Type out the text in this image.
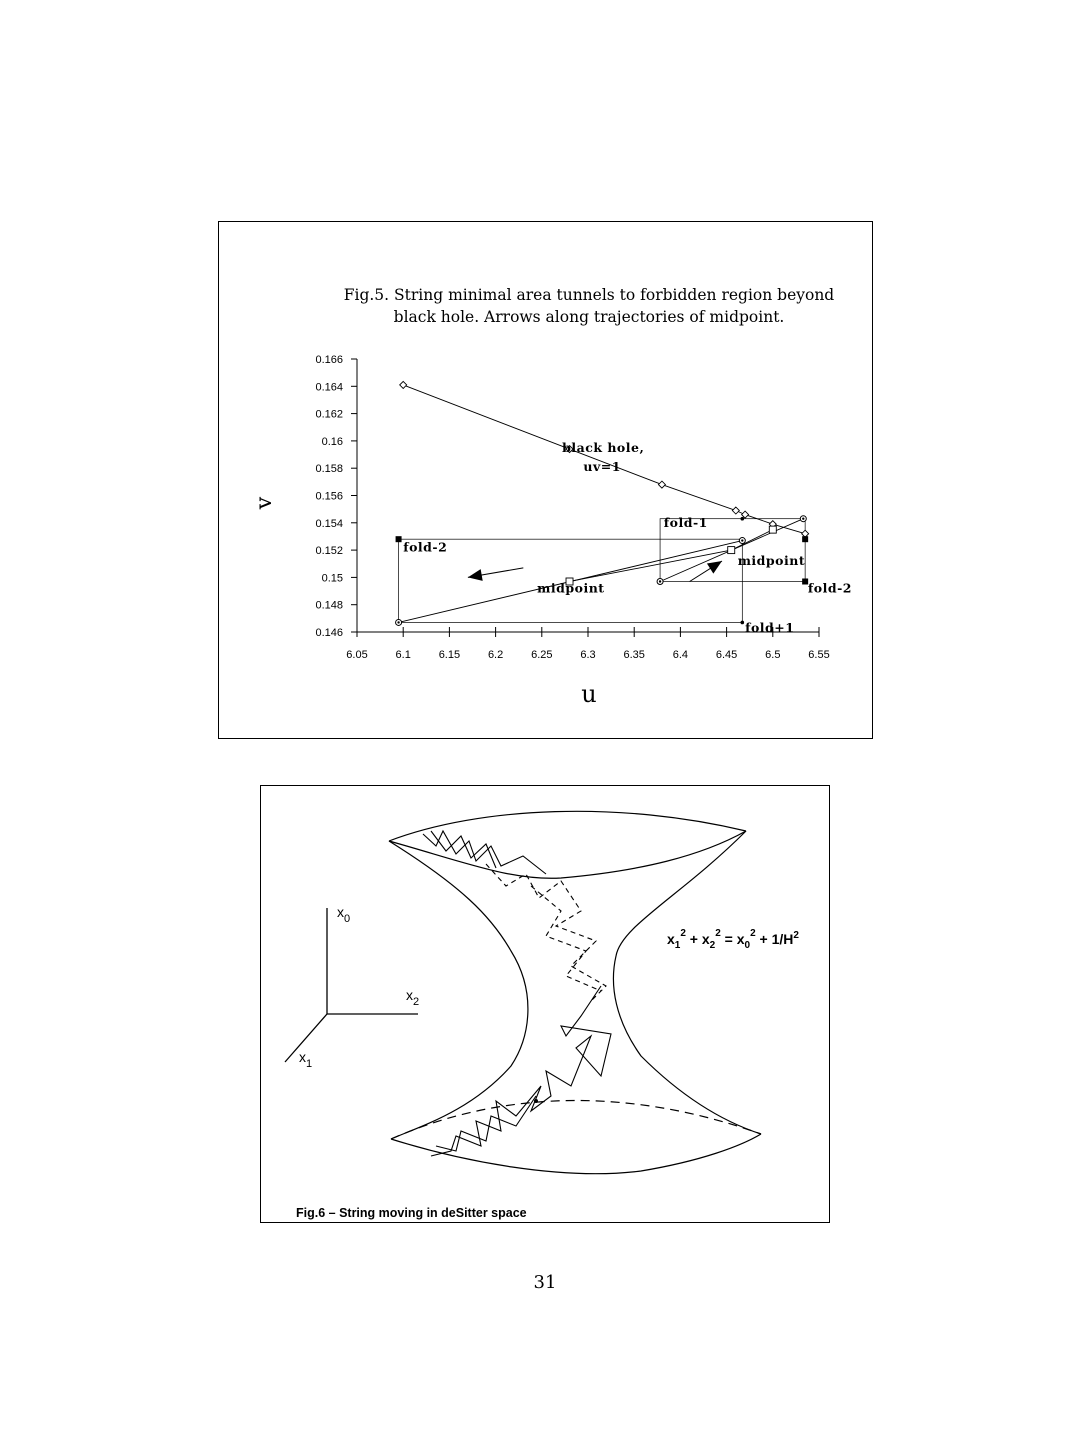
Fig.5. String minimal area tunnels to forbidden region beyond
black hole. Arrows along trajectories of midpoint.
0.146
0.148
0.15
0.152
0.154
0.156
0.158
0.16
0.162
0.164
0.166
6.05	6.1	6.15	6.2	6.25	6.3	6.35	6.4	6.45	6.5	6.55
v
u
black hole,
uv=1
fold-1
fold-2
midpoint
midpoint	fold-2
fold+1
$x_0$
$x_2$
$x_1$
$x_1^2 + x_2^2 = x_0^2 + 1/H^2$
Fig.6 – String moving in deSitter space
31
